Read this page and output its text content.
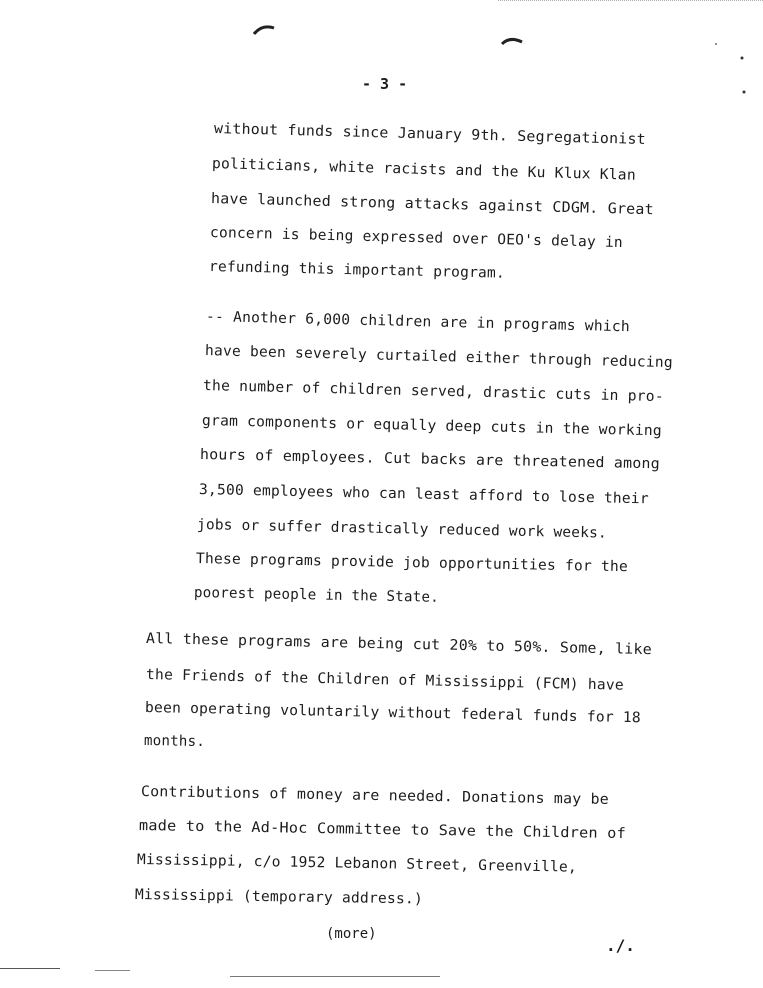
- 3 -
without funds since January 9th. Segregationist
politicians, white racists and the Ku Klux Klan
have launched strong attacks against CDGM. Great
concern is being expressed over OEO's delay in
refunding this important program.
-- Another 6,000 children are in programs which
have been severely curtailed either through reducing
the number of children served, drastic cuts in pro-
gram components or equally deep cuts in the working
hours of employees. Cut backs are threatened among
3,500 employees who can least afford to lose their
jobs or suffer drastically reduced work weeks.
These programs provide job opportunities for the
poorest people in the State.
All these programs are being cut 20% to 50%. Some, like
the Friends of the Children of Mississippi (FCM) have
been operating voluntarily without federal funds for 18
months.
Contributions of money are needed. Donations may be
made to the Ad-Hoc Committee to Save the Children of
Mississippi, c/o 1952 Lebanon Street, Greenville,
Mississippi (temporary address.)
(more)
./.
